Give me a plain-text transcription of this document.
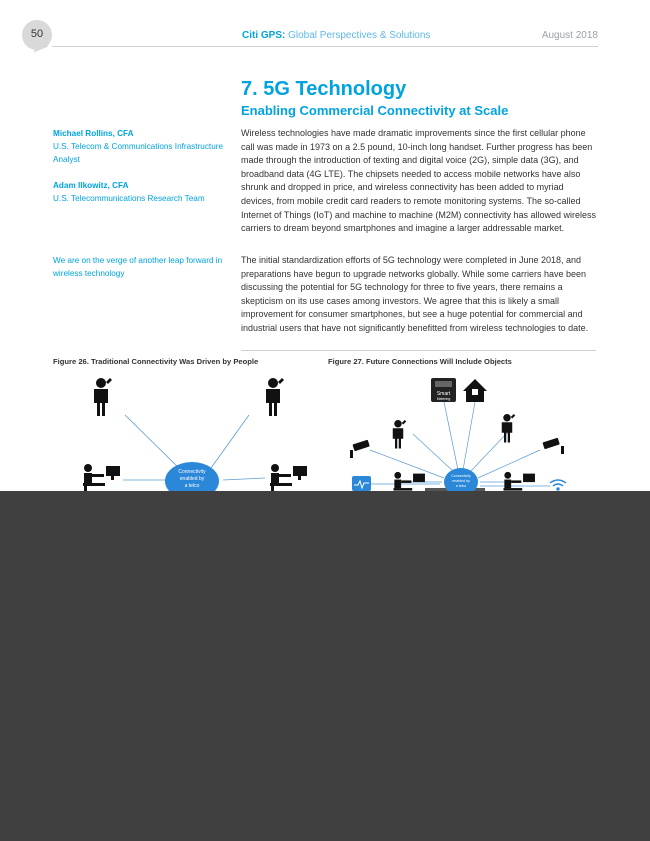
50	Citi GPS: Global Perspectives & Solutions	August 2018
7. 5G Technology
Enabling Commercial Connectivity at Scale
Michael Rollins, CFA
U.S. Telecom & Communications Infrastructure Analyst
Adam Ilkowitz, CFA
U.S. Telecommunications Research Team
We are on the verge of another leap forward in wireless technology

Wireless technologies have made dramatic improvements since the first cellular phone call was made in 1973 on a 2.5 pound, 10-inch long handset. Further progress has been made through the introduction of texting and digital voice (2G), simple data (3G), and broadband data (4G LTE). The chipsets needed to access mobile networks have also shrunk and dropped in price, and wireless connectivity has been added to myriad devices, from mobile credit card readers to remote monitoring systems. The so-called Internet of Things (IoT) and machine to machine (M2M) connectivity has allowed wireless carriers to dream beyond smartphones and imagine a larger addressable market.

The initial standardization efforts of 5G technology were completed in June 2018, and preparations have begun to upgrade networks globally. While some carriers have been discussing the potential for 5G technology for three to five years, there remains a skepticism on its use cases among investors. We agree that this is likely a small improvement for consumer smartphones, but see a huge potential for commercial and industrial users that have not significantly benefitted from wireless technologies to date.

Figure 26. Traditional Connectivity Was Driven by People	Figure 27. Future Connections Will Include Objects
Connectivity
enabled by
a telco
Smart
Metering
Connectivity
enabled by
a telco
